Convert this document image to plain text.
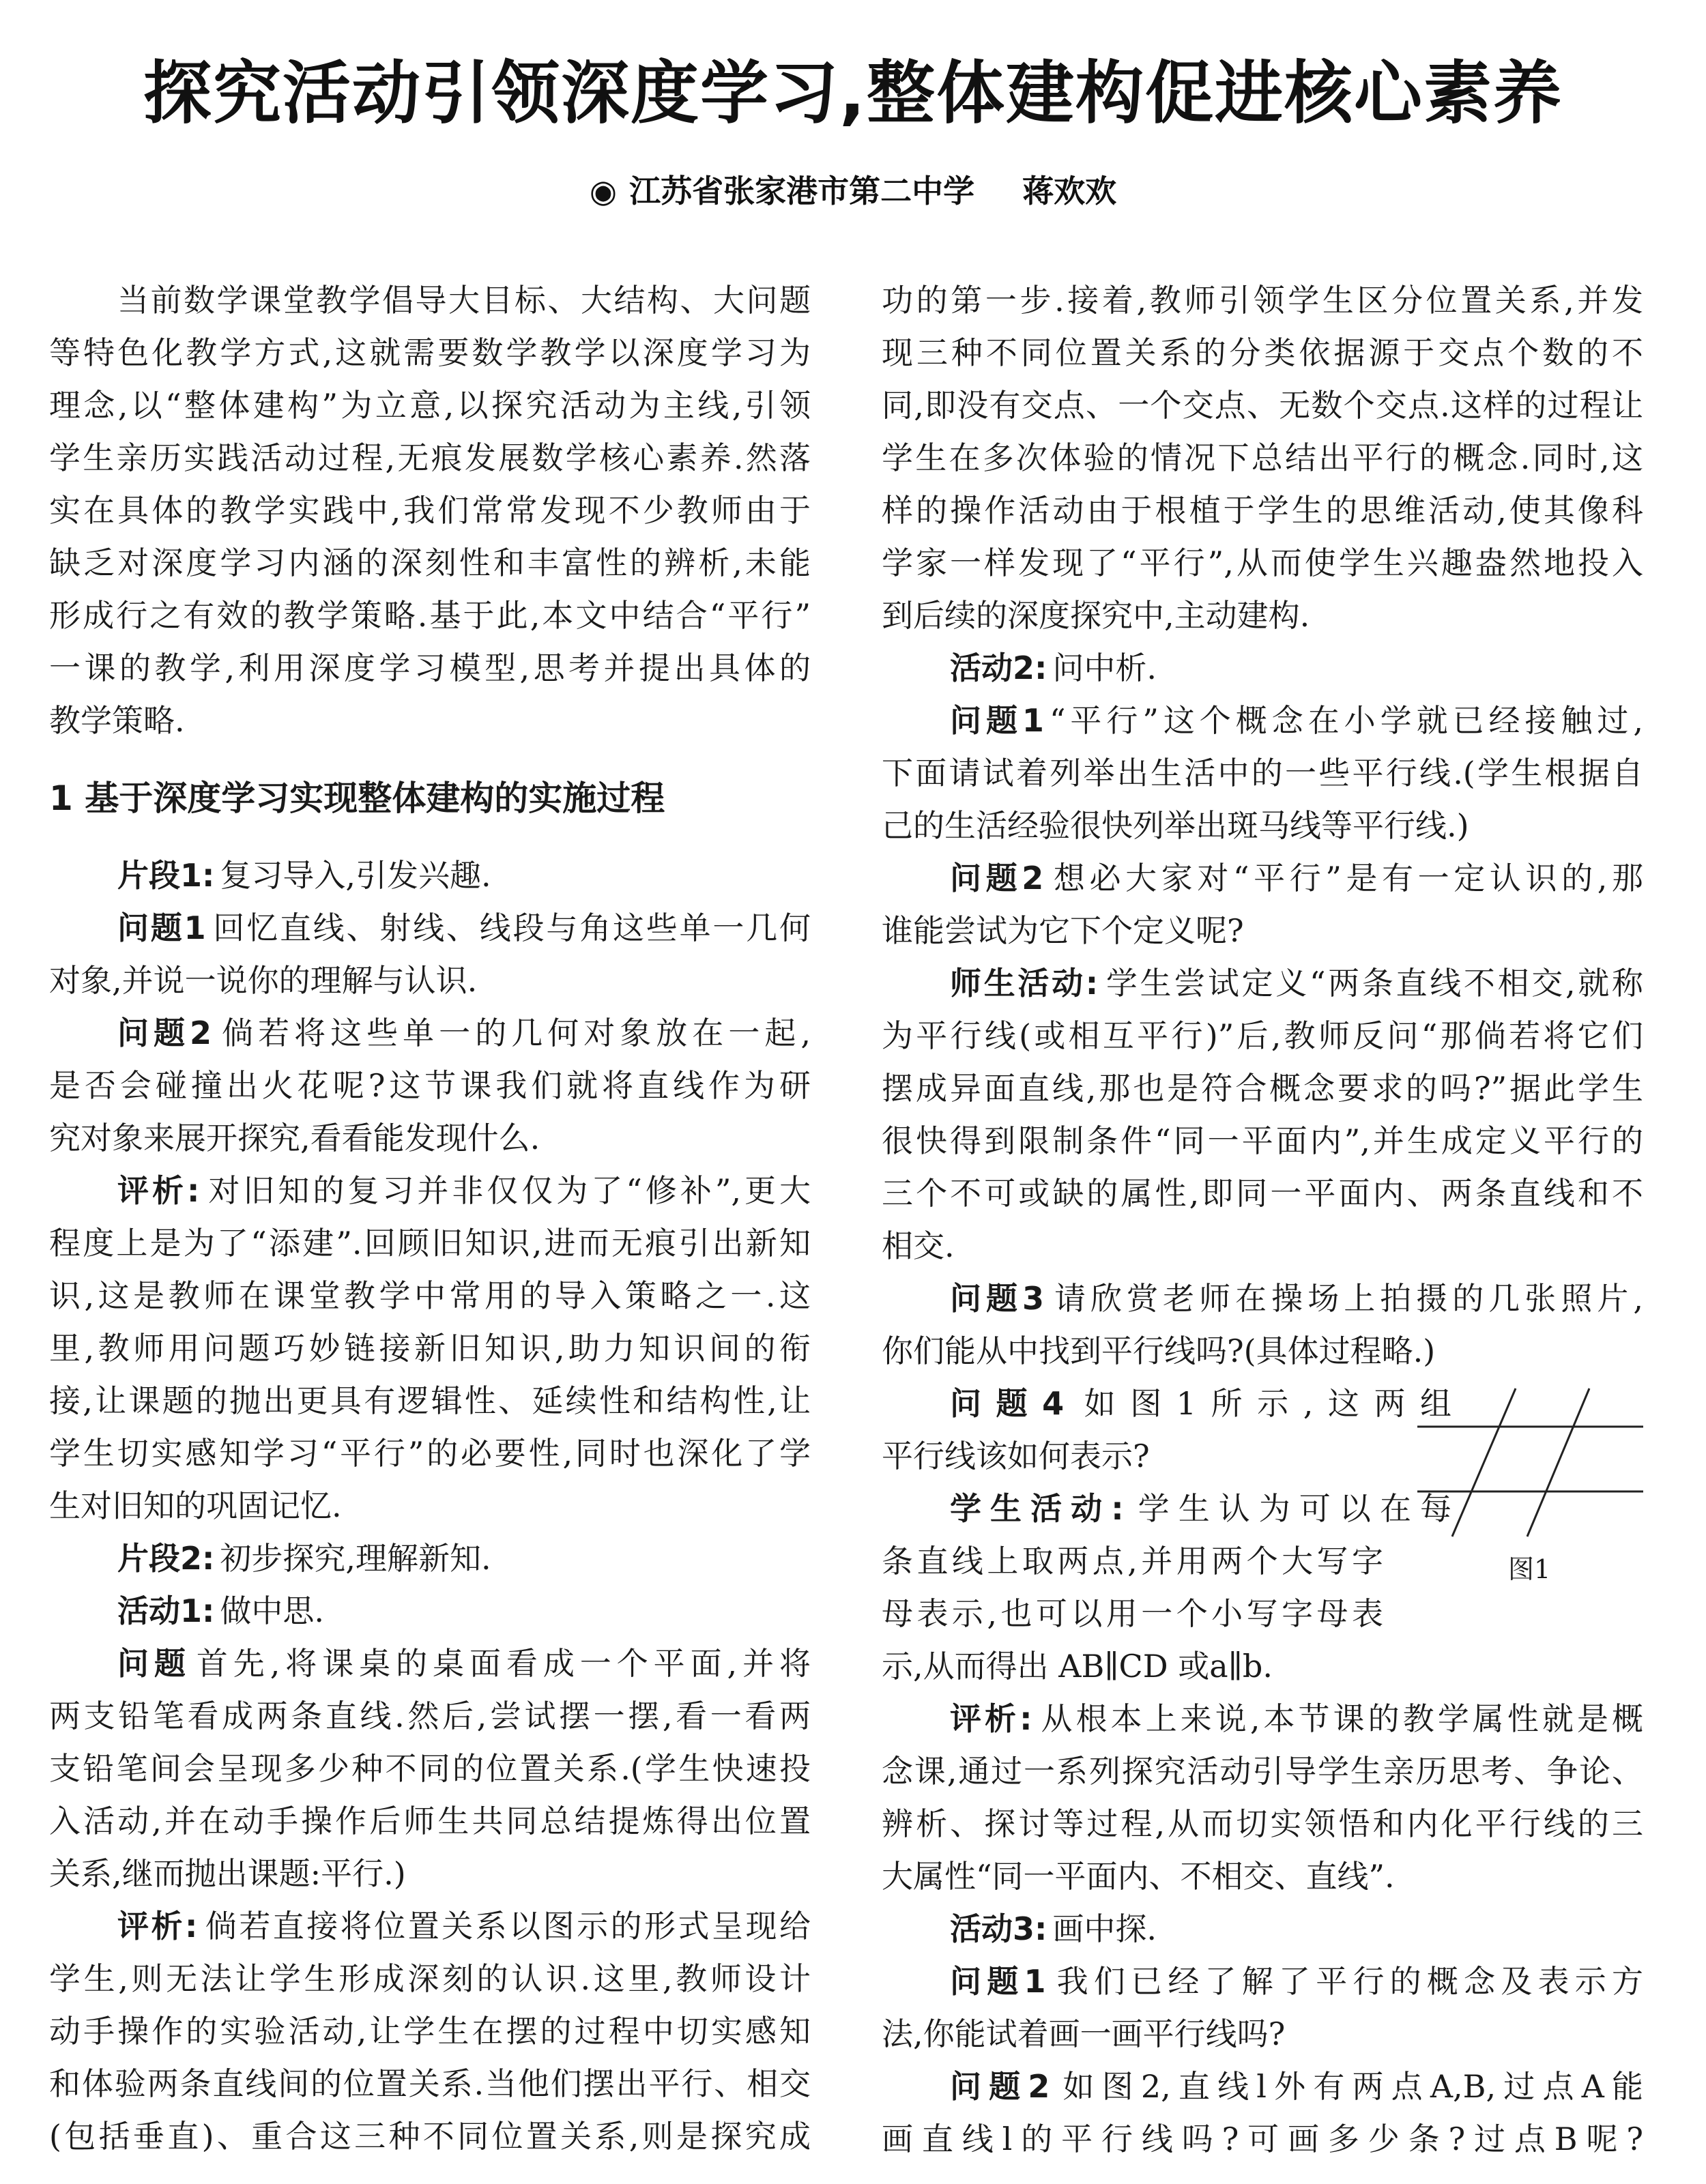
探究活动引领深度学习,整体建构促进核心素养
◉ 江苏省张家港市第二中学 蒋欢欢
当前数学课堂教学倡导大目标、大结构、大问题
等特色化教学方式,这就需要数学教学以深度学习为
理念,以“整体建构”为立意,以探究活动为主线,引领
学生亲历实践活动过程,无痕发展数学核心素养.然落
实在具体的教学实践中,我们常常发现不少教师由于
缺乏对深度学习内涵的深刻性和丰富性的辨析,未能
形成行之有效的教学策略.基于此,本文中结合“平行”
一课的教学,利用深度学习模型,思考并提出具体的
教学策略.
1 基于深度学习实现整体建构的实施过程
片段1: 复习导入,引发兴趣.
问题1 回忆直线、射线、线段与角这些单一几何
对象,并说一说你的理解与认识.
问题2 倘若将这些单一的几何对象放在一起,
是否会碰撞出火花呢?这节课我们就将直线作为研
究对象来展开探究,看看能发现什么.
评析: 对旧知的复习并非仅仅为了“修补”,更大
程度上是为了“添建”.回顾旧知识,进而无痕引出新知
识,这是教师在课堂教学中常用的导入策略之一.这
里,教师用问题巧妙链接新旧知识,助力知识间的衔
接,让课题的抛出更具有逻辑性、延续性和结构性,让
学生切实感知学习“平行”的必要性,同时也深化了学
生对旧知的巩固记忆.
片段2: 初步探究,理解新知.
活动1: 做中思.
问题 首先,将课桌的桌面看成一个平面,并将
两支铅笔看成两条直线.然后,尝试摆一摆,看一看两
支铅笔间会呈现多少种不同的位置关系.(学生快速投
入活动,并在动手操作后师生共同总结提炼得出位置
关系,继而抛出课题:平行.)
评析: 倘若直接将位置关系以图示的形式呈现给
学生,则无法让学生形成深刻的认识.这里,教师设计
动手操作的实验活动,让学生在摆的过程中切实感知
和体验两条直线间的位置关系.当他们摆出平行、相交
(包括垂直)、重合这三种不同位置关系,则是探究成
功的第一步.接着,教师引领学生区分位置关系,并发
现三种不同位置关系的分类依据源于交点个数的不
同,即没有交点、一个交点、无数个交点.这样的过程让
学生在多次体验的情况下总结出平行的概念.同时,这
样的操作活动由于根植于学生的思维活动,使其像科
学家一样发现了“平行”,从而使学生兴趣盎然地投入
到后续的深度探究中,主动建构.
活动2: 问中析.
问题1 “平行”这个概念在小学就已经接触过,
下面请试着列举出生活中的一些平行线.(学生根据自
己的生活经验很快列举出斑马线等平行线.)
问题2 想必大家对“平行”是有一定认识的,那
谁能尝试为它下个定义呢?
师生活动: 学生尝试定义“两条直线不相交,就称
为平行线(或相互平行)”后,教师反问“那倘若将它们
摆成异面直线,那也是符合概念要求的吗?”据此学生
很快得到限制条件“同一平面内”,并生成定义平行的
三个不可或缺的属性,即同一平面内、两条直线和不
相交.
问题3 请欣赏老师在操场上拍摄的几张照片,
你们能从中找到平行线吗?(具体过程略.)
问题4 如图1所示,这两组
平行线该如何表示?
学生活动: 学生认为可以在每
条直线上取两点,并用两个大写字
母表示,也可以用一个小写字母表
示,从而得出 AB∥CD 或a∥b.
评析: 从根本上来说,本节课的教学属性就是概
念课,通过一系列探究活动引导学生亲历思考、争论、
辨析、探讨等过程,从而切实领悟和内化平行线的三
大属性“同一平面内、不相交、直线”.
活动3: 画中探.
问题1 我们已经了解了平行的概念及表示方
法,你能试着画一画平行线吗?
问题2 如图2,直线l外有两点A,B,过点A能
画直线l的平行线吗?可画多少条?过点B呢?
图1
